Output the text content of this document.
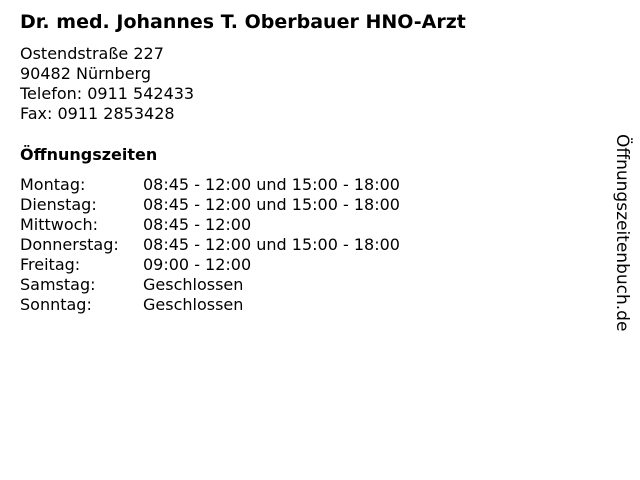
Dr. med. Johannes T. Oberbauer HNO-Arzt
Ostendstraße 227
90482 Nürnberg
Telefon: 0911 542433
Fax: 0911 2853428
Öffnungszeiten
Montag:	08:45 - 12:00 und 15:00 - 18:00
Dienstag:	08:45 - 12:00 und 15:00 - 18:00
Mittwoch:	08:45 - 12:00
Donnerstag:	08:45 - 12:00 und 15:00 - 18:00
Freitag:	09:00 - 12:00
Samstag:	Geschlossen
Sonntag:	Geschlossen	Öffnungszeitenbuch.de
